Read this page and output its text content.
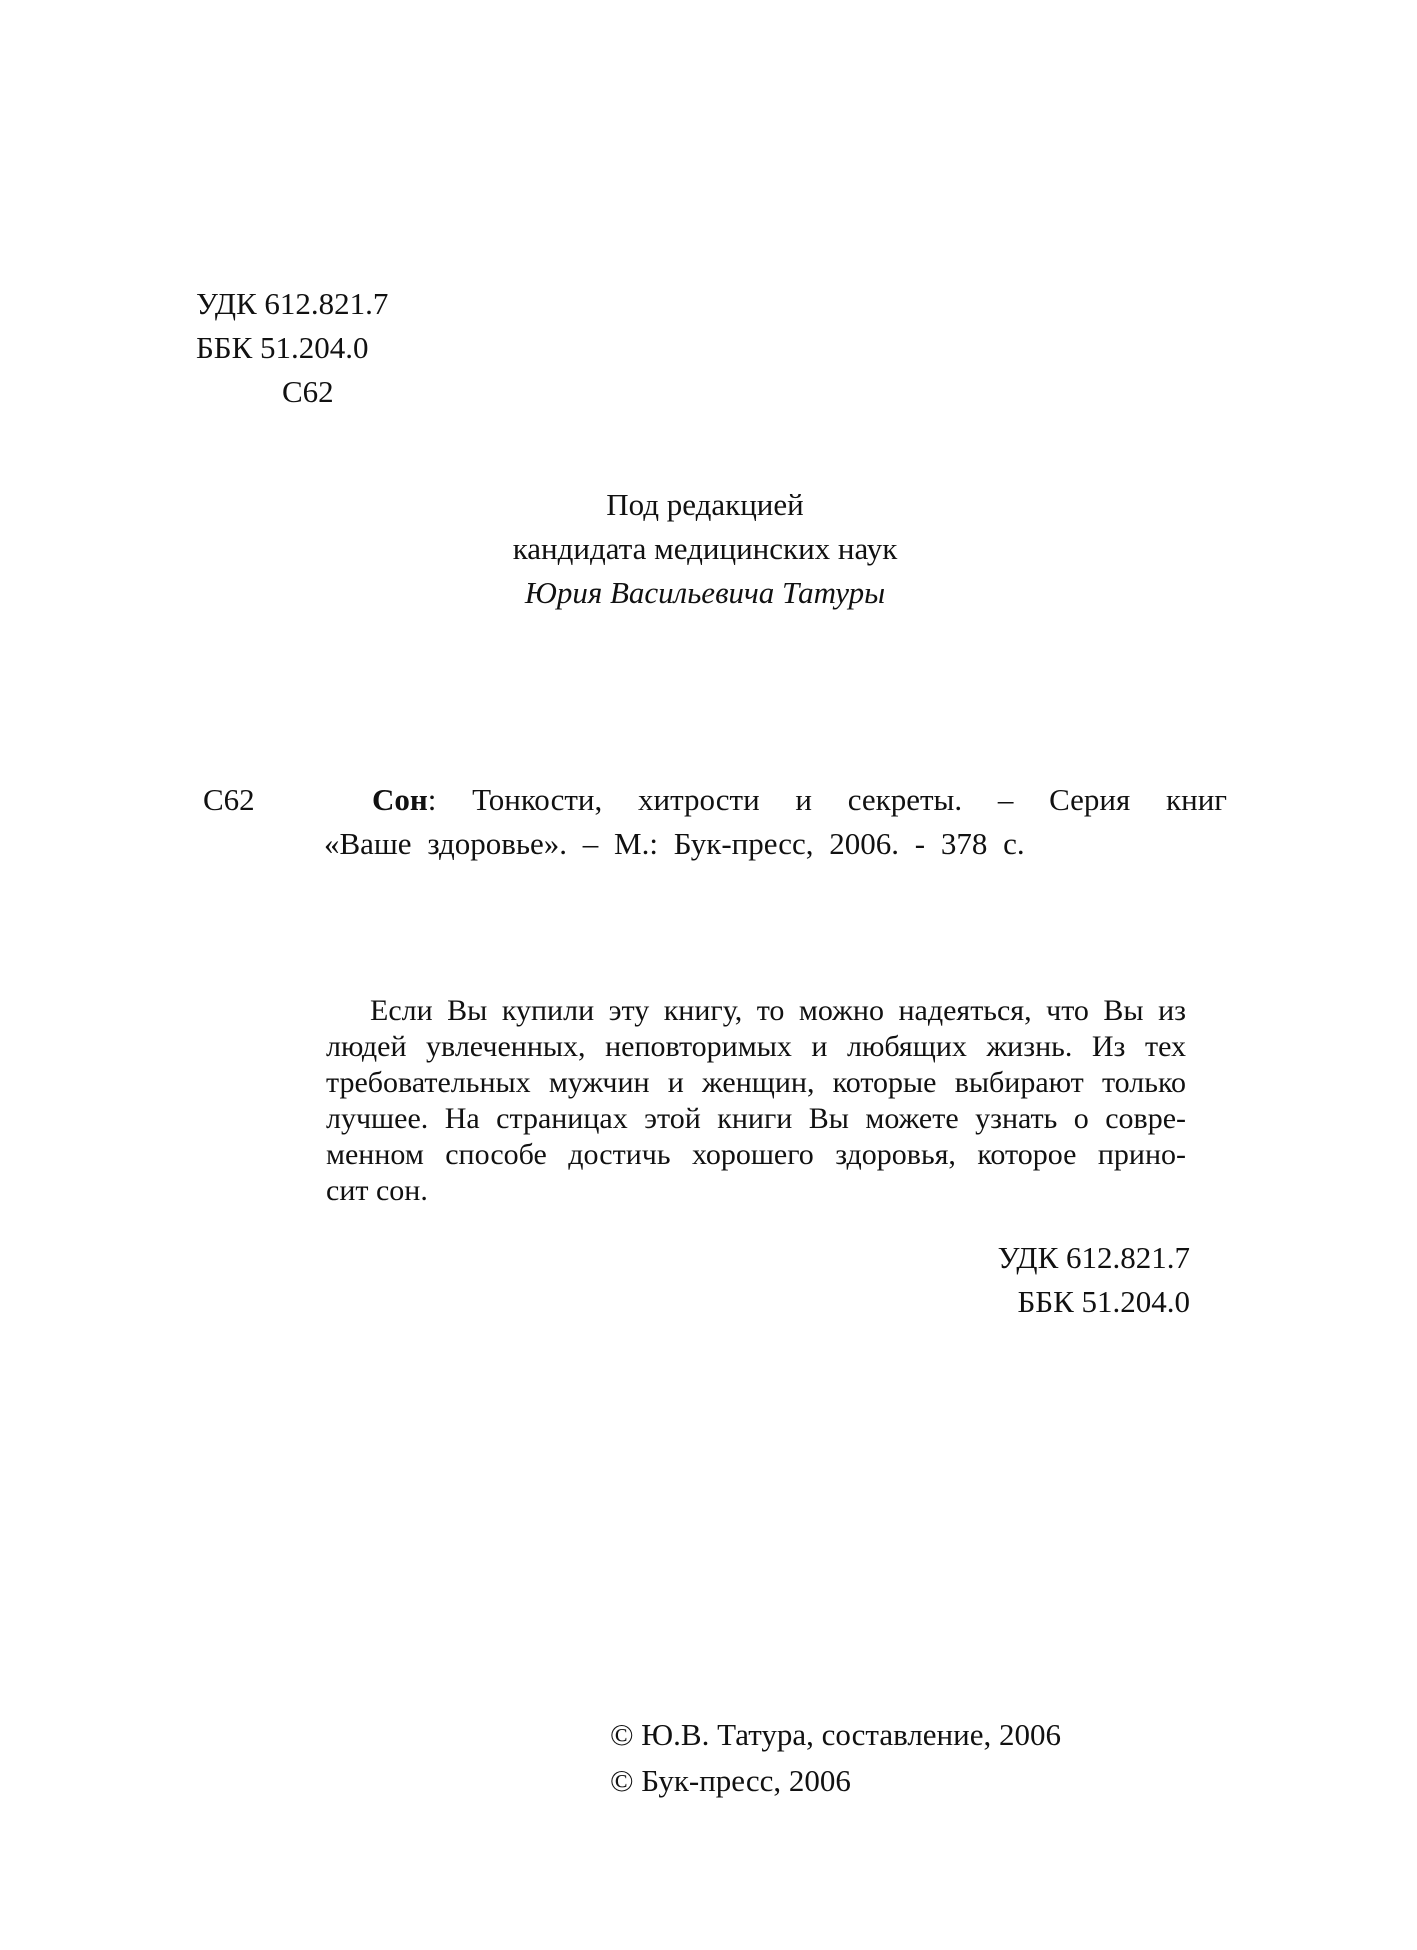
УДК 612.821.7
ББК 51.204.0
С62
Под редакцией
кандидата медицинских наук
Юрия Васильевича Татуры
С62	Сон: Тонкости, хитрости и секреты. – Серия книг
«Ваше здоровье». – М.: Бук-пресс, 2006. - 378 с.
Если Вы купили эту книгу, то можно надеяться, что Вы из
людей увлеченных, неповторимых и любящих жизнь. Из тех
требовательных мужчин и женщин, которые выбирают только
лучшее. На страницах этой книги Вы можете узнать о совре-
менном способе достичь хорошего здоровья, которое прино-
сит сон.
УДК 612.821.7
ББК 51.204.0
© Ю.В. Татура, составление, 2006
© Бук-пресс, 2006
